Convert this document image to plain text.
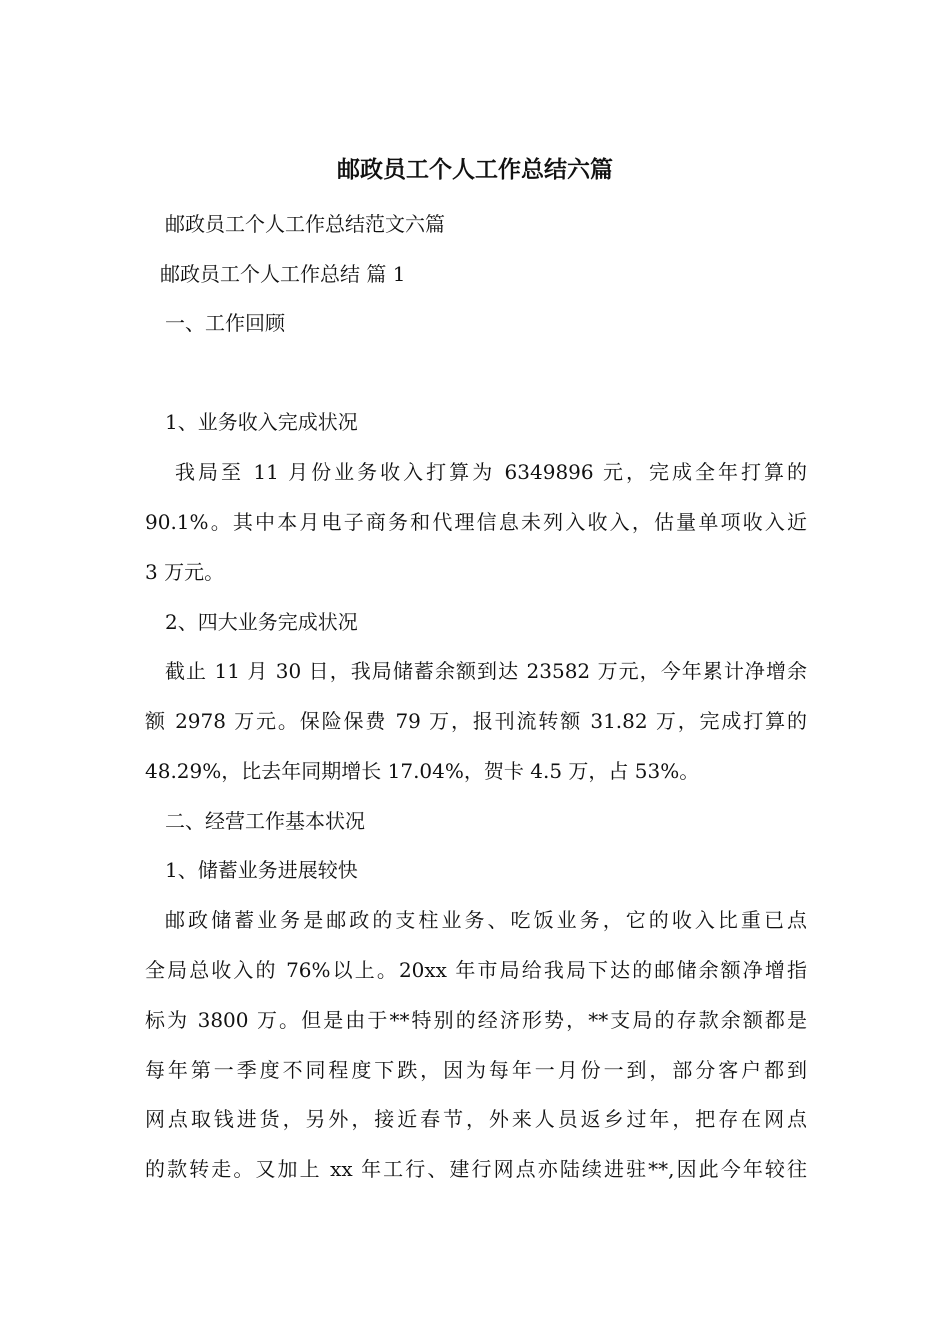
邮政员工个人工作总结六篇

邮政员工个人工作总结范文六篇

邮政员工个人工作总结 篇 1

一、工作回顾

1、业务收入完成状况

我局至 11 月份业务收入打算为 6349896 元，完成全年打算的

90.1%。其中本月电子商务和代理信息未列入收入，估量单项收入近

3 万元。

2、四大业务完成状况

截止 11 月 30 日，我局储蓄余额到达 23582 万元，今年累计净增余

额 2978 万元。保险保费 79 万，报刊流转额 31.82 万，完成打算的

48.29%，比去年同期增长 17.04%，贺卡 4.5 万，占 53%。

二、经营工作基本状况

1、储蓄业务进展较快

邮政储蓄业务是邮政的支柱业务、吃饭业务，它的收入比重已点

全局总收入的 76%以上。20xx 年市局给我局下达的邮储余额净增指

标为 3800 万。但是由于**特别的经济形势，**支局的存款余额都是

每年第一季度不同程度下跌，因为每年一月份一到，部分客户都到

网点取钱进货，另外，接近春节，外来人员返乡过年，把存在网点

的款转走。又加上 xx 年工行、建行网点亦陆续进驻**,因此今年较往
